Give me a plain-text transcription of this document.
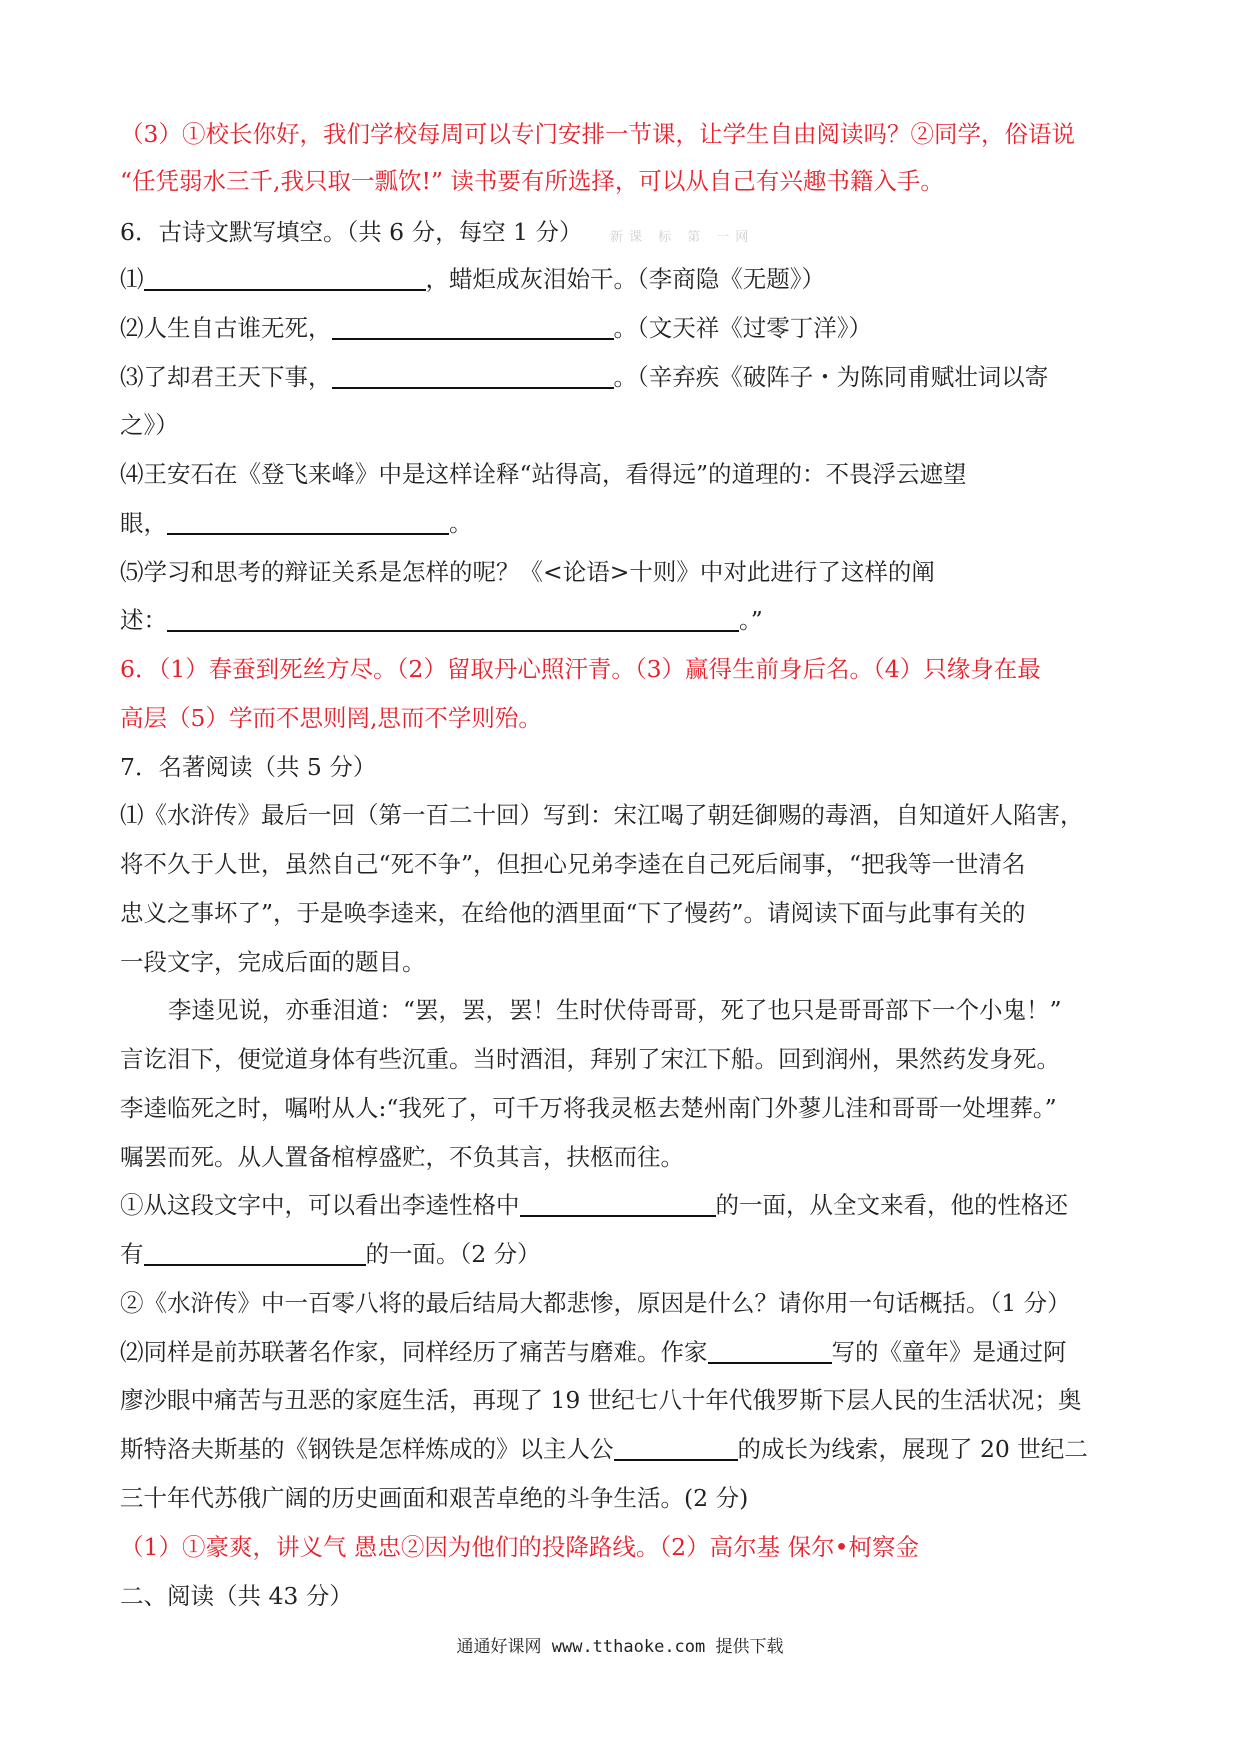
新课 标 第 一网
（3）①校长你好，我们学校每周可以专门安排一节课，让学生自由阅读吗？②同学，俗语说
“任凭弱水三千,我只取一瓢饮!” 读书要有所选择，可以从自己有兴趣书籍入手。
6．古诗文默写填空。（共 6 分，每空 1 分）
⑴	，蜡炬成灰泪始干。（李商隐《无题》）
⑵人生自古谁无死，	。（文天祥《过零丁洋》）
⑶了却君王天下事，	。（辛弃疾《破阵子・为陈同甫赋壮词以寄
之》）
⑷王安石在《登飞来峰》中是这样诠释“站得高，看得远”的道理的：不畏浮云遮望
眼，	。
⑸学习和思考的辩证关系是怎样的呢？《<论语>十则》中对此进行了这样的阐
述：	。”
6．（1）春蚕到死丝方尽。（2）留取丹心照汗青。（3）赢得生前身后名。（4）只缘身在最
高层（5）学而不思则罔,思而不学则殆。
7．名著阅读（共 5 分）
⑴《水浒传》最后一回（第一百二十回）写到：宋江喝了朝廷御赐的毒酒，自知道奸人陷害，
将不久于人世，虽然自己“死不争”，但担心兄弟李逵在自己死后闹事，“把我等一世清名
忠义之事坏了”，于是唤李逵来，在给他的酒里面“下了慢药”。请阅读下面与此事有关的
一段文字，完成后面的题目。
李逵见说，亦垂泪道：“罢，罢，罢！生时伏侍哥哥，死了也只是哥哥部下一个小鬼！”
言讫泪下，便觉道身体有些沉重。当时酒泪，拜别了宋江下船。回到润州，果然药发身死。
李逵临死之时，嘱咐从人:“我死了，可千万将我灵柩去楚州南门外蓼儿洼和哥哥一处埋葬。”
嘱罢而死。从人置备棺椁盛贮，不负其言，扶柩而往。
①从这段文字中，可以看出李逵性格中	的一面，从全文来看，他的性格还
有	的一面。（2 分）
②《水浒传》中一百零八将的最后结局大都悲惨，原因是什么？请你用一句话概括。（1 分）
⑵同样是前苏联著名作家，同样经历了痛苦与磨难。作家	写的《童年》是通过阿
廖沙眼中痛苦与丑恶的家庭生活，再现了 19 世纪七八十年代俄罗斯下层人民的生活状况；奥
斯特洛夫斯基的《钢铁是怎样炼成的》以主人公	的成长为线索，展现了 20 世纪二
三十年代苏俄广阔的历史画面和艰苦卓绝的斗争生活。(2 分)
（1）①豪爽，讲义气 愚忠②因为他们的投降路线。（2）高尔基 保尔•柯察金
二、阅读（共 43 分）
通通好课网 www.tthaoke.com 提供下载
